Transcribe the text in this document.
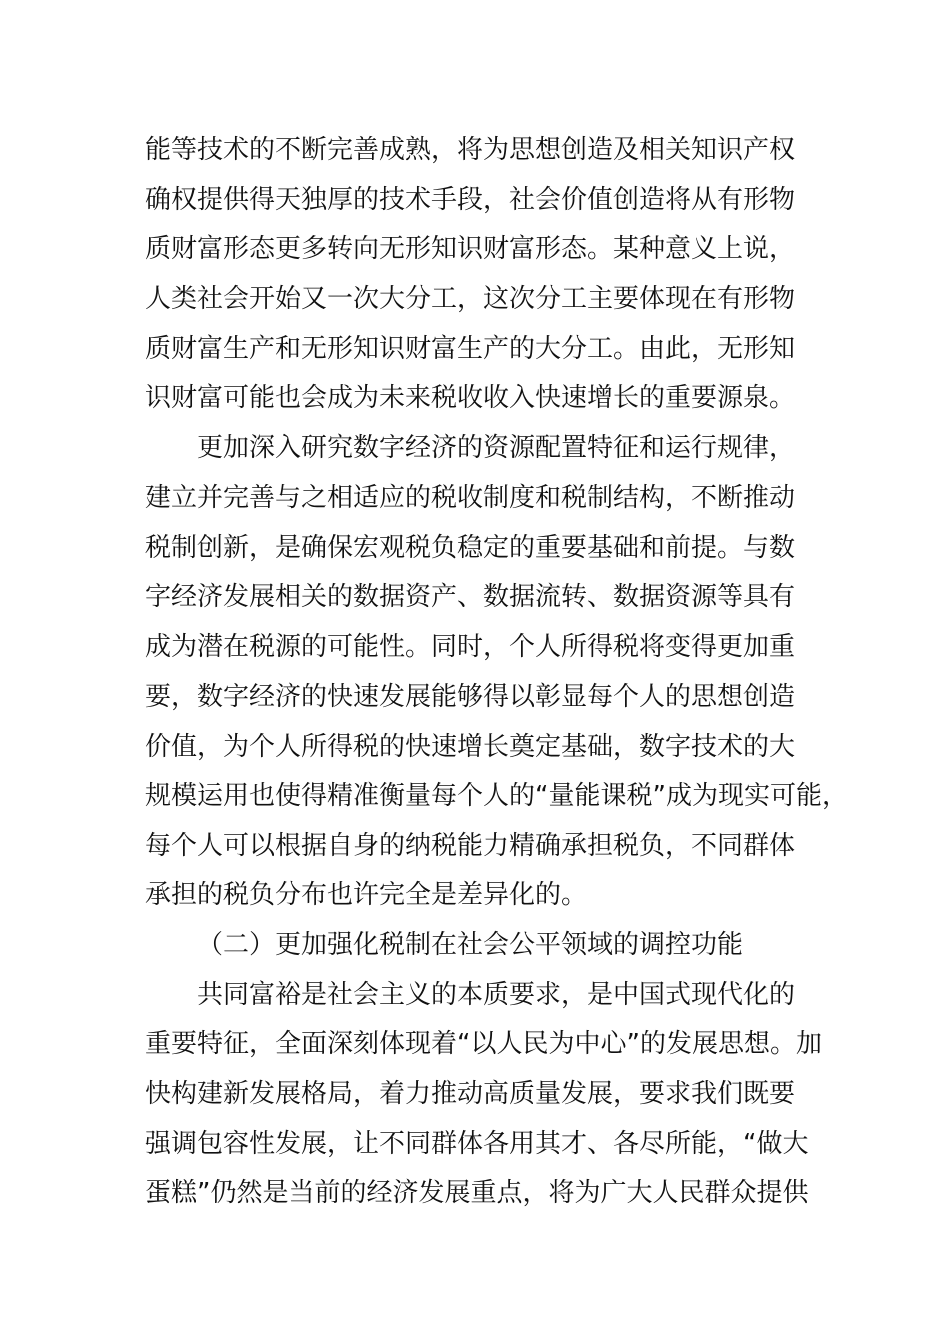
能等技术的不断完善成熟，将为思想创造及相关知识产权
确权提供得天独厚的技术手段，社会价值创造将从有形物
质财富形态更多转向无形知识财富形态。某种意义上说，
人类社会开始又一次大分工，这次分工主要体现在有形物
质财富生产和无形知识财富生产的大分工。由此，无形知
识财富可能也会成为未来税收收入快速增长的重要源泉。
更加深入研究数字经济的资源配置特征和运行规律，
建立并完善与之相适应的税收制度和税制结构，不断推动
税制创新，是确保宏观税负稳定的重要基础和前提。与数
字经济发展相关的数据资产、数据流转、数据资源等具有
成为潜在税源的可能性。同时，个人所得税将变得更加重
要，数字经济的快速发展能够得以彰显每个人的思想创造
价值，为个人所得税的快速增长奠定基础，数字技术的大
规模运用也使得精准衡量每个人的“量能课税”成为现实可能，
每个人可以根据自身的纳税能力精确承担税负，不同群体
承担的税负分布也许完全是差异化的。
（二）更加强化税制在社会公平领域的调控功能
共同富裕是社会主义的本质要求，是中国式现代化的
重要特征，全面深刻体现着“以人民为中心”的发展思想。加
快构建新发展格局，着力推动高质量发展，要求我们既要
强调包容性发展，让不同群体各用其才、各尽所能，“做大
蛋糕”仍然是当前的经济发展重点，将为广大人民群众提供
